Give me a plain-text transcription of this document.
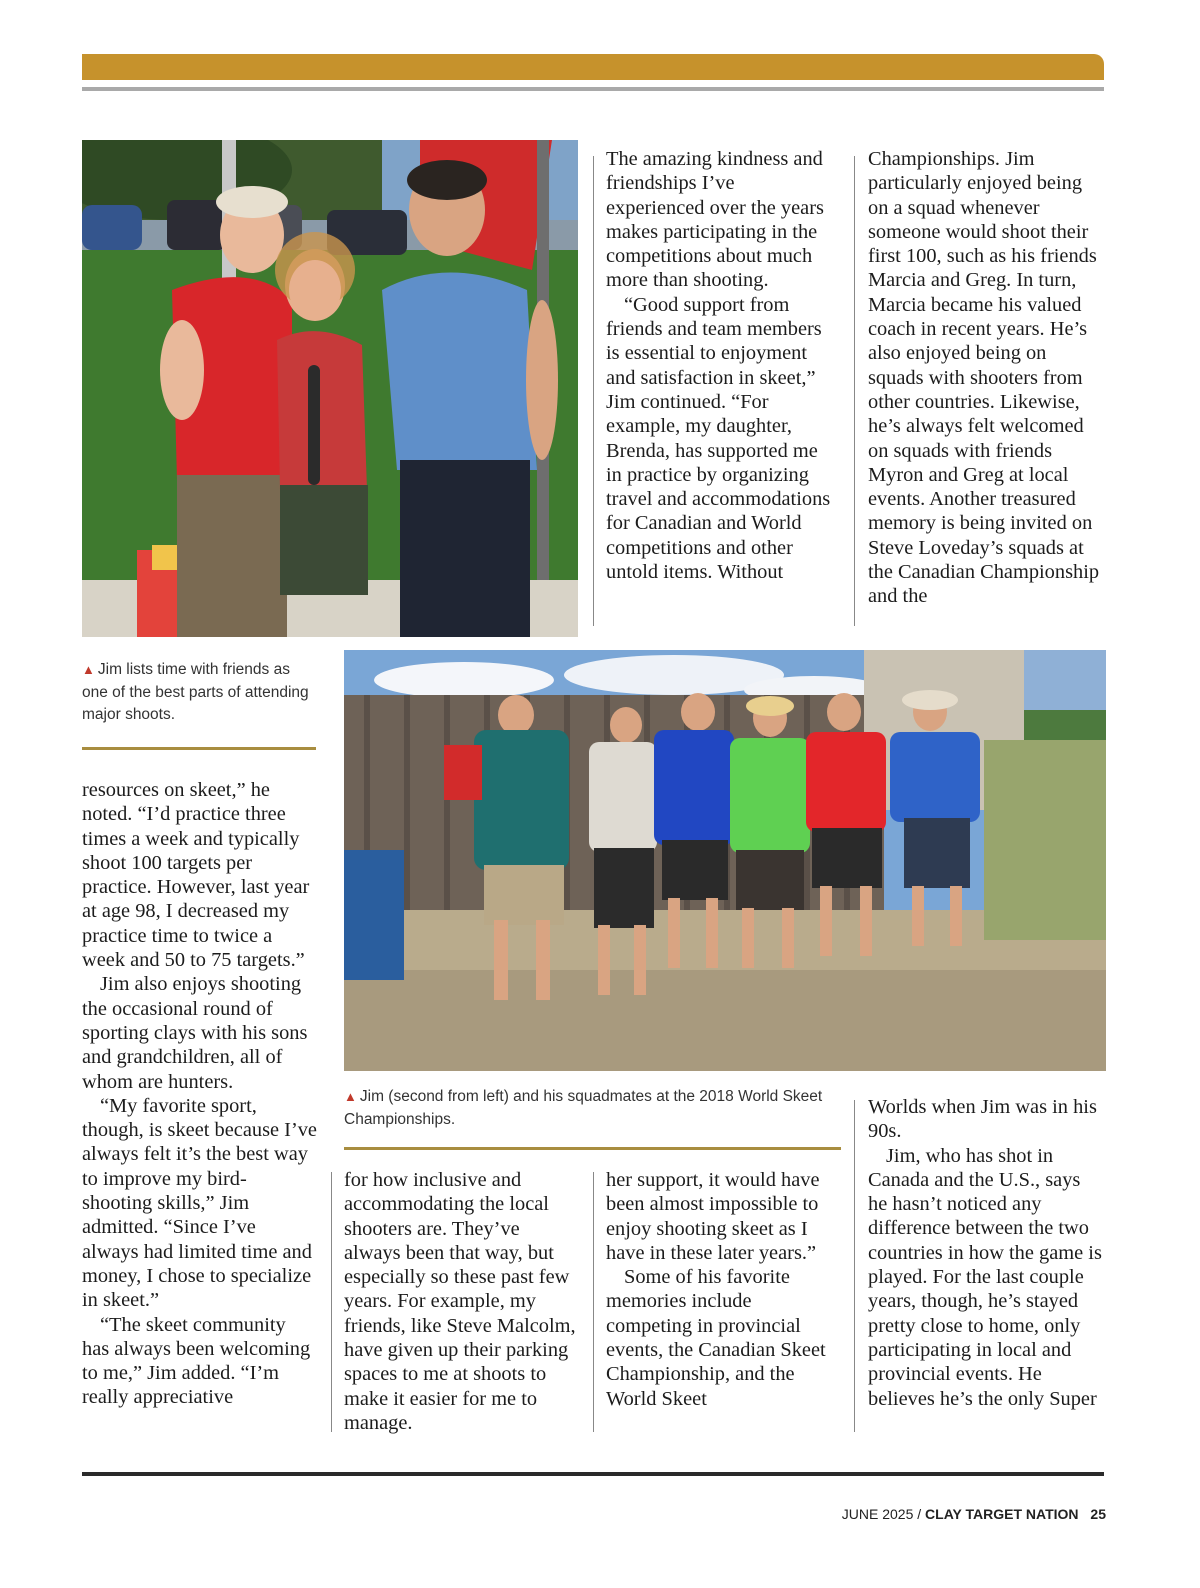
▲ Jim lists time with friends as one of the best parts of attending major shoots.

The amazing kindness and friendships I’ve experienced over the years makes participating in the competitions about much more than shooting.

“Good support from friends and team members is essential to enjoyment and satisfaction in skeet,” Jim continued. “For example, my daughter, Brenda, has supported me in practice by organizing travel and accommodations for Canadian and World competitions and other untold items. Without

Championships. Jim particularly enjoyed being on a squad whenever someone would shoot their first 100, such as his friends Marcia and Greg. In turn, Marcia became his valued coach in recent years. He’s also enjoyed being on squads with shooters from other countries. Likewise, he’s always felt welcomed on squads with friends Myron and Greg at local events. Another treasured memory is being invited on Steve Loveday’s squads at the Canadian Championship and the

resources on skeet,” he noted. “I’d practice three times a week and typically shoot 100 targets per practice. However, last year at age 98, I decreased my practice time to twice a week and 50 to 75 targets.”

Jim also enjoys shooting the occasional round of sporting clays with his sons and grandchildren, all of whom are hunters.

“My favorite sport, though, is skeet because I’ve always felt it’s the best way to improve my bird-shooting skills,” Jim admitted. “Since I’ve always had limited time and money, I chose to specialize in skeet.”

“The skeet community has always been welcoming to me,” Jim added. “I’m really appreciative

▲ Jim (second from left) and his squadmates at the 2018 World Skeet Championships.

for how inclusive and accommodating the local shooters are. They’ve always been that way, but especially so these past few years. For example, my friends, like Steve Malcolm, have given up their parking spaces to me at shoots to make it easier for me to manage.

her support, it would have been almost impossible to enjoy shooting skeet as I have in these later years.”

Some of his favorite memories include competing in provincial events, the Canadian Skeet Championship, and the World Skeet

Worlds when Jim was in his 90s.

Jim, who has shot in Canada and the U.S., says he hasn’t noticed any difference between the two countries in how the game is played. For the last couple years, though, he’s stayed pretty close to home, only participating in local and provincial events. He believes he’s the only Super

JUNE 2025 / CLAY TARGET NATION 25
